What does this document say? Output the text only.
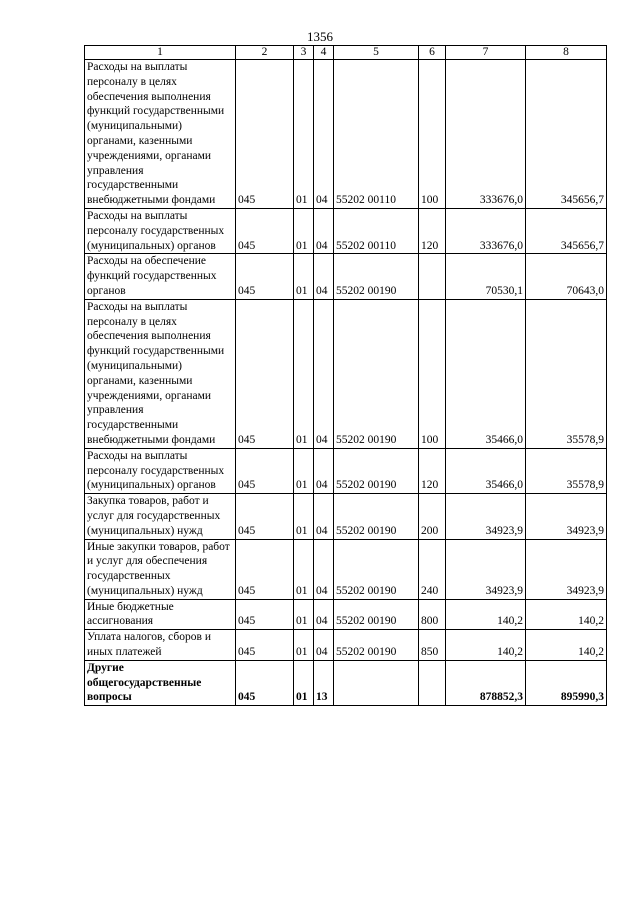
1356
1	2	3	4	5	6	7	8
Расходы на выплаты персоналу в целях обеспечения выполнения функций государственными (муниципальными) органами, казенными учреждениями, органами управления государственными внебюджетными фондами	045	01	04	55202 00110	100	333676,0	345656,7
Расходы на выплаты персоналу государственных (муниципальных) органов	045	01	04	55202 00110	120	333676,0	345656,7
Расходы на обеспечение функций государственных органов	045	01	04	55202 00190		70530,1	70643,0
Расходы на выплаты персоналу в целях обеспечения выполнения функций государственными (муниципальными) органами, казенными учреждениями, органами управления государственными внебюджетными фондами	045	01	04	55202 00190	100	35466,0	35578,9
Расходы на выплаты персоналу государственных (муниципальных) органов	045	01	04	55202 00190	120	35466,0	35578,9
Закупка товаров, работ и услуг для государственных (муниципальных) нужд	045	01	04	55202 00190	200	34923,9	34923,9
Иные закупки товаров, работ и услуг для обеспечения государственных (муниципальных) нужд	045	01	04	55202 00190	240	34923,9	34923,9
Иные бюджетные ассигнования	045	01	04	55202 00190	800	140,2	140,2
Уплата налогов, сборов и иных платежей	045	01	04	55202 00190	850	140,2	140,2
Другие общегосударственные вопросы	045	01	13			878852,3	895990,3
